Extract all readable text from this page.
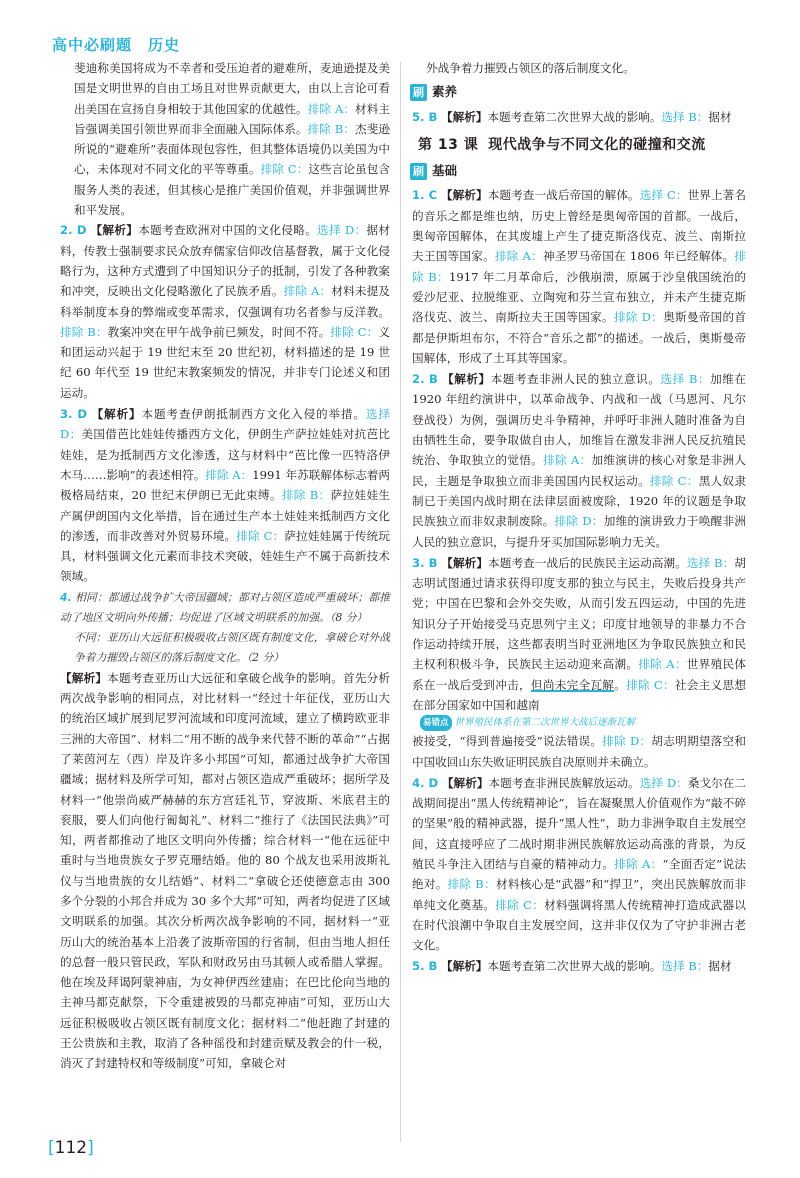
高中必刷题　历史

斐迪称美国将成为不幸者和受压迫者的避难所，麦迪逊提及美国是文明世界的自由工场且对世界贡献更大，由以上言论可看出美国在宣扬自身相较于其他国家的优越性。排除 A：材料主旨强调美国引领世界而非全面融入国际体系。排除 B：杰斐逊所说的“避难所”表面体现包容性，但其整体语境仍以美国为中心，未体现对不同文化的平等尊重。排除 C：这些言论虽包含服务人类的表述，但其核心是推广美国价值观，并非强调世界和平发展。

2. D 【解析】本题考查欧洲对中国的文化侵略。选择 D：据材料，传教士强制要求民众放弃儒家信仰改信基督教，属于文化侵略行为，这种方式遭到了中国知识分子的抵制，引发了各种教案和冲突，反映出文化侵略激化了民族矛盾。排除 A：材料未提及科举制度本身的弊端或变革需求，仅强调有功名者参与反洋教。排除 B：教案冲突在甲午战争前已频发，时间不符。排除 C：义和团运动兴起于 19 世纪末至 20 世纪初，材料描述的是 19 世纪 60 年代至 19 世纪末教案频发的情况，并非专门论述义和团运动。

3. D 【解析】本题考查伊朗抵制西方文化入侵的举措。选择 D：美国借芭比娃娃传播西方文化，伊朗生产萨拉娃娃对抗芭比娃娃，是为抵制西方文化渗透，这与材料中“芭比像一匹特洛伊木马……影响”的表述相符。排除 A：1991 年苏联解体标志着两极格局结束，20 世纪末伊朗已无此束缚。排除 B：萨拉娃娃生产属伊朗国内文化举措，旨在通过生产本土娃娃来抵制西方文化的渗透，而非改善对外贸易环境。排除 C：萨拉娃娃属于传统玩具，材料强调文化元素而非技术突破，娃娃生产不属于高新技术领域。

4. 相同：都通过战争扩大帝国疆域；都对占领区造成严重破坏；都推动了地区文明向外传播；均促进了区域文明联系的加强。（8 分）

不同：亚历山大远征积极吸收占领区既有制度文化，拿破仑对外战争着力摧毁占领区的落后制度文化。（2 分）

【解析】本题考查亚历山大远征和拿破仑战争的影响。首先分析两次战争影响的相同点，对比材料一“经过十年征伐，亚历山大的统治区域扩展到尼罗河流域和印度河流域，建立了横跨欧亚非三洲的大帝国”、材料二“用不断的战争来代替不断的革命”“占据了莱茵河左（西）岸及许多小邦国”可知，都通过战争扩大帝国疆域；据材料及所学可知，都对占领区造成严重破坏；据所学及材料一“他崇尚威严赫赫的东方宫廷礼节，穿波斯、米底君主的衮服，要人们向他行匍匐礼”、材料二“推行了《法国民法典》”可知，两者都推动了地区文明向外传播；综合材料一“他在远征中重时与当地贵族女子罗克珊结婚。他的 80 个战友也采用波斯礼仪与当地贵族的女儿结婚”、材料二“拿破仑还使德意志由 300 多个分裂的小邦合并成为 30 多个大邦”可知，两者均促进了区域文明联系的加强。其次分析两次战争影响的不同，据材料一“亚历山大的统治基本上沿袭了波斯帝国的行省制，但由当地人担任的总督一般只管民政，军队和财政另由马其顿人或希腊人掌握。他在埃及拜谒阿蒙神庙，为女神伊西丝建庙；在巴比伦向当地的主神马都克献祭，下令重建被毁的马都克神庙”可知，亚历山大远征积极吸收占领区既有制度文化；据材料二“他赶跑了封建的王公贵族和主教，取消了各种徭役和封建贡赋及教会的什一税，消灭了封建特权和等级制度”可知，拿破仑对

外战争着力摧毁占领区的落后制度文化。

刷 素养

5. B 【解析】本题考查第二次世界大战的影响。选择 B：据材

第 13 课 现代战争与不同文化的碰撞和交流
刷 基础

1. C 【解析】本题考查一战后帝国的解体。选择 C：世界上著名的音乐之都是维也纳，历史上曾经是奥匈帝国的首都。一战后，奥匈帝国解体，在其废墟上产生了捷克斯洛伐克、波兰、南斯拉夫王国等国家。排除 A：神圣罗马帝国在 1806 年已经解体。排除 B：1917 年二月革命后，沙俄崩溃，原属于沙皇俄国统治的爱沙尼亚、拉脱维亚、立陶宛和芬兰宣布独立，并未产生捷克斯洛伐克、波兰、南斯拉夫王国等国家。排除 D：奥斯曼帝国的首都是伊斯坦布尔，不符合“音乐之都”的描述。一战后，奥斯曼帝国解体，形成了土耳其等国家。

2. B 【解析】本题考查非洲人民的独立意识。选择 B：加维在 1920 年纽约演讲中，以革命战争、内战和一战（马恩河、凡尔登战役）为例，强调历史斗争精神，并呼吁非洲人随时准备为自由牺牲生命，要争取做自由人，加维旨在激发非洲人民反抗殖民统治、争取独立的觉悟。排除 A：加维演讲的核心对象是非洲人民，主题是争取独立而非美国国内民权运动。排除 C：黑人奴隶制已于美国内战时期在法律层面被废除，1920 年的议题是争取民族独立而非奴隶制废除。排除 D：加维的演讲致力于唤醒非洲人民的独立意识，与提升牙买加国际影响力无关。

3. B 【解析】本题考查一战后的民族民主运动高潮。选择 B：胡志明试图通过请求获得印度支那的独立与民主，失败后投身共产党；中国在巴黎和会外交失败，从而引发五四运动，中国的先进知识分子开始接受马克思列宁主义；印度甘地领导的非暴力不合作运动持续开展，这些都表明当时亚洲地区为争取民族独立和民主权利积极斗争，民族民主运动迎来高潮。排除 A：世界殖民体系在一战后受到冲击，但尚未完全瓦解。排除 C：社会主义思想在部分国家如中国和越南

易错点 世界殖民体系在第二次世界大战后逐渐瓦解

被接受，“得到普遍接受”说法错误。排除 D：胡志明期望落空和中国收回山东失败证明民族自决原则并未确立。

4. D 【解析】本题考查非洲民族解放运动。选择 D：桑戈尔在二战期间提出“黑人传统精神论”，旨在凝聚黑人价值观作为“敲不碎的坚果”般的精神武器，提升“黑人性”，助力非洲争取自主发展空间，这直接呼应了二战时期非洲民族解放运动高涨的背景，为反殖民斗争注入团结与自豪的精神动力。排除 A：“全面否定”说法绝对。排除 B：材料核心是“武器”和“捍卫”，突出民族解放而非单纯文化奠基。排除 C：材料强调将黑人传统精神打造成武器以在时代浪潮中争取自主发展空间，这并非仅仅为了守护非洲古老文化。

5. B 【解析】本题考查第二次世界大战的影响。选择 B：据材

[112]
